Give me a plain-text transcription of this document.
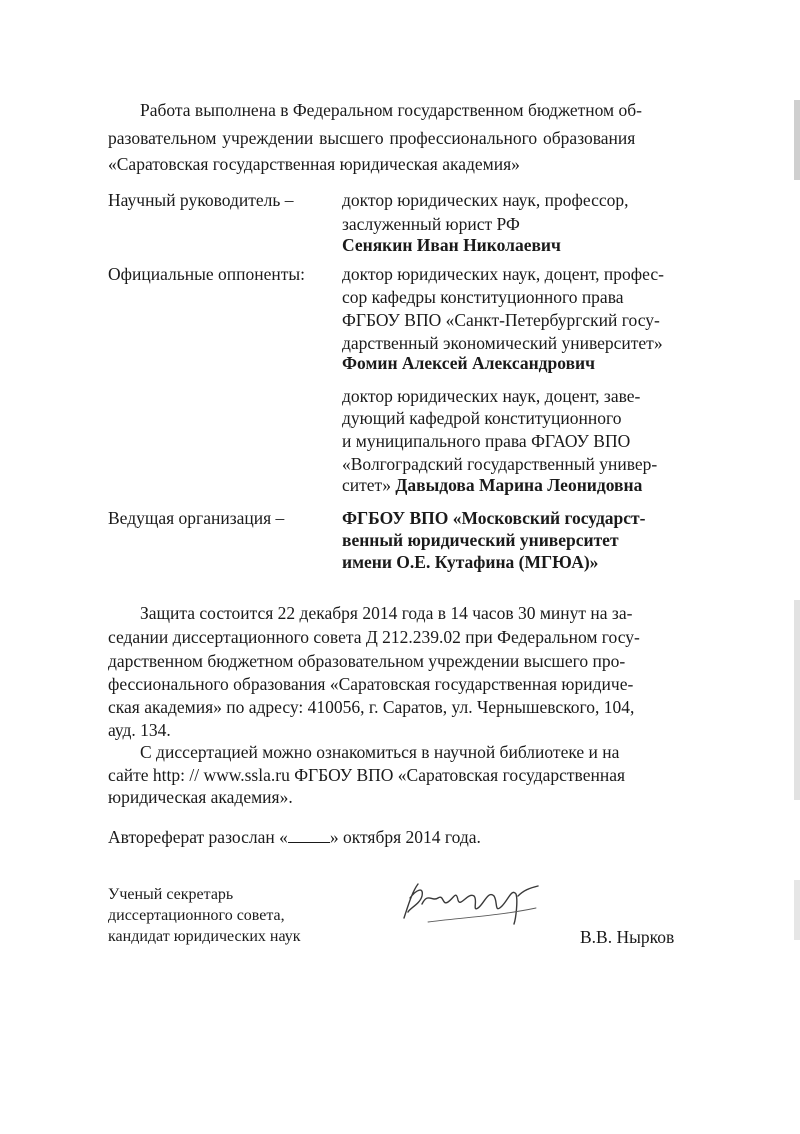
Работа выполнена в Федеральном государственном бюджетном об-
разовательном учреждении высшего профессионального образования
«Саратовская государственная юридическая академия»
Научный руководитель –	доктор юридических наук, профессор,
заслуженный юрист РФ
Сенякин Иван Николаевич
Официальные оппоненты: доктор юридических наук, доцент, профес-
сор кафедры конституционного права
ФГБОУ ВПО «Санкт-Петербургский госу-
дарственный экономический университет»
Фомин Алексей Александрович
доктор юридических наук, доцент, заве-
дующий кафедрой конституционного
и муниципального права ФГАОУ ВПО
«Волгоградский государственный универ-
ситет» Давыдова Марина Леонидовна
Ведущая организация –	ФГБОУ ВПО «Московский государст-
венный юридический университет
имени О.Е. Кутафина (МГЮА)»
Защита состоится 22 декабря 2014 года в 14 часов 30 минут на за-
седании диссертационного совета Д 212.239.02 при Федеральном госу-
дарственном бюджетном образовательном учреждении высшего про-
фессионального образования «Саратовская государственная юридиче-
ская академия» по адресу: 410056, г. Саратов, ул. Чернышевского, 104,
ауд. 134.
С диссертацией можно ознакомиться в научной библиотеке и на
сайте http: // www.ssla.ru ФГБОУ ВПО «Саратовская государственная
юридическая академия».
Автореферат разослан « » октября 2014 года.
Ученый секретарь
диссертационного совета,
кандидат юридических наук	В.В. Нырков
